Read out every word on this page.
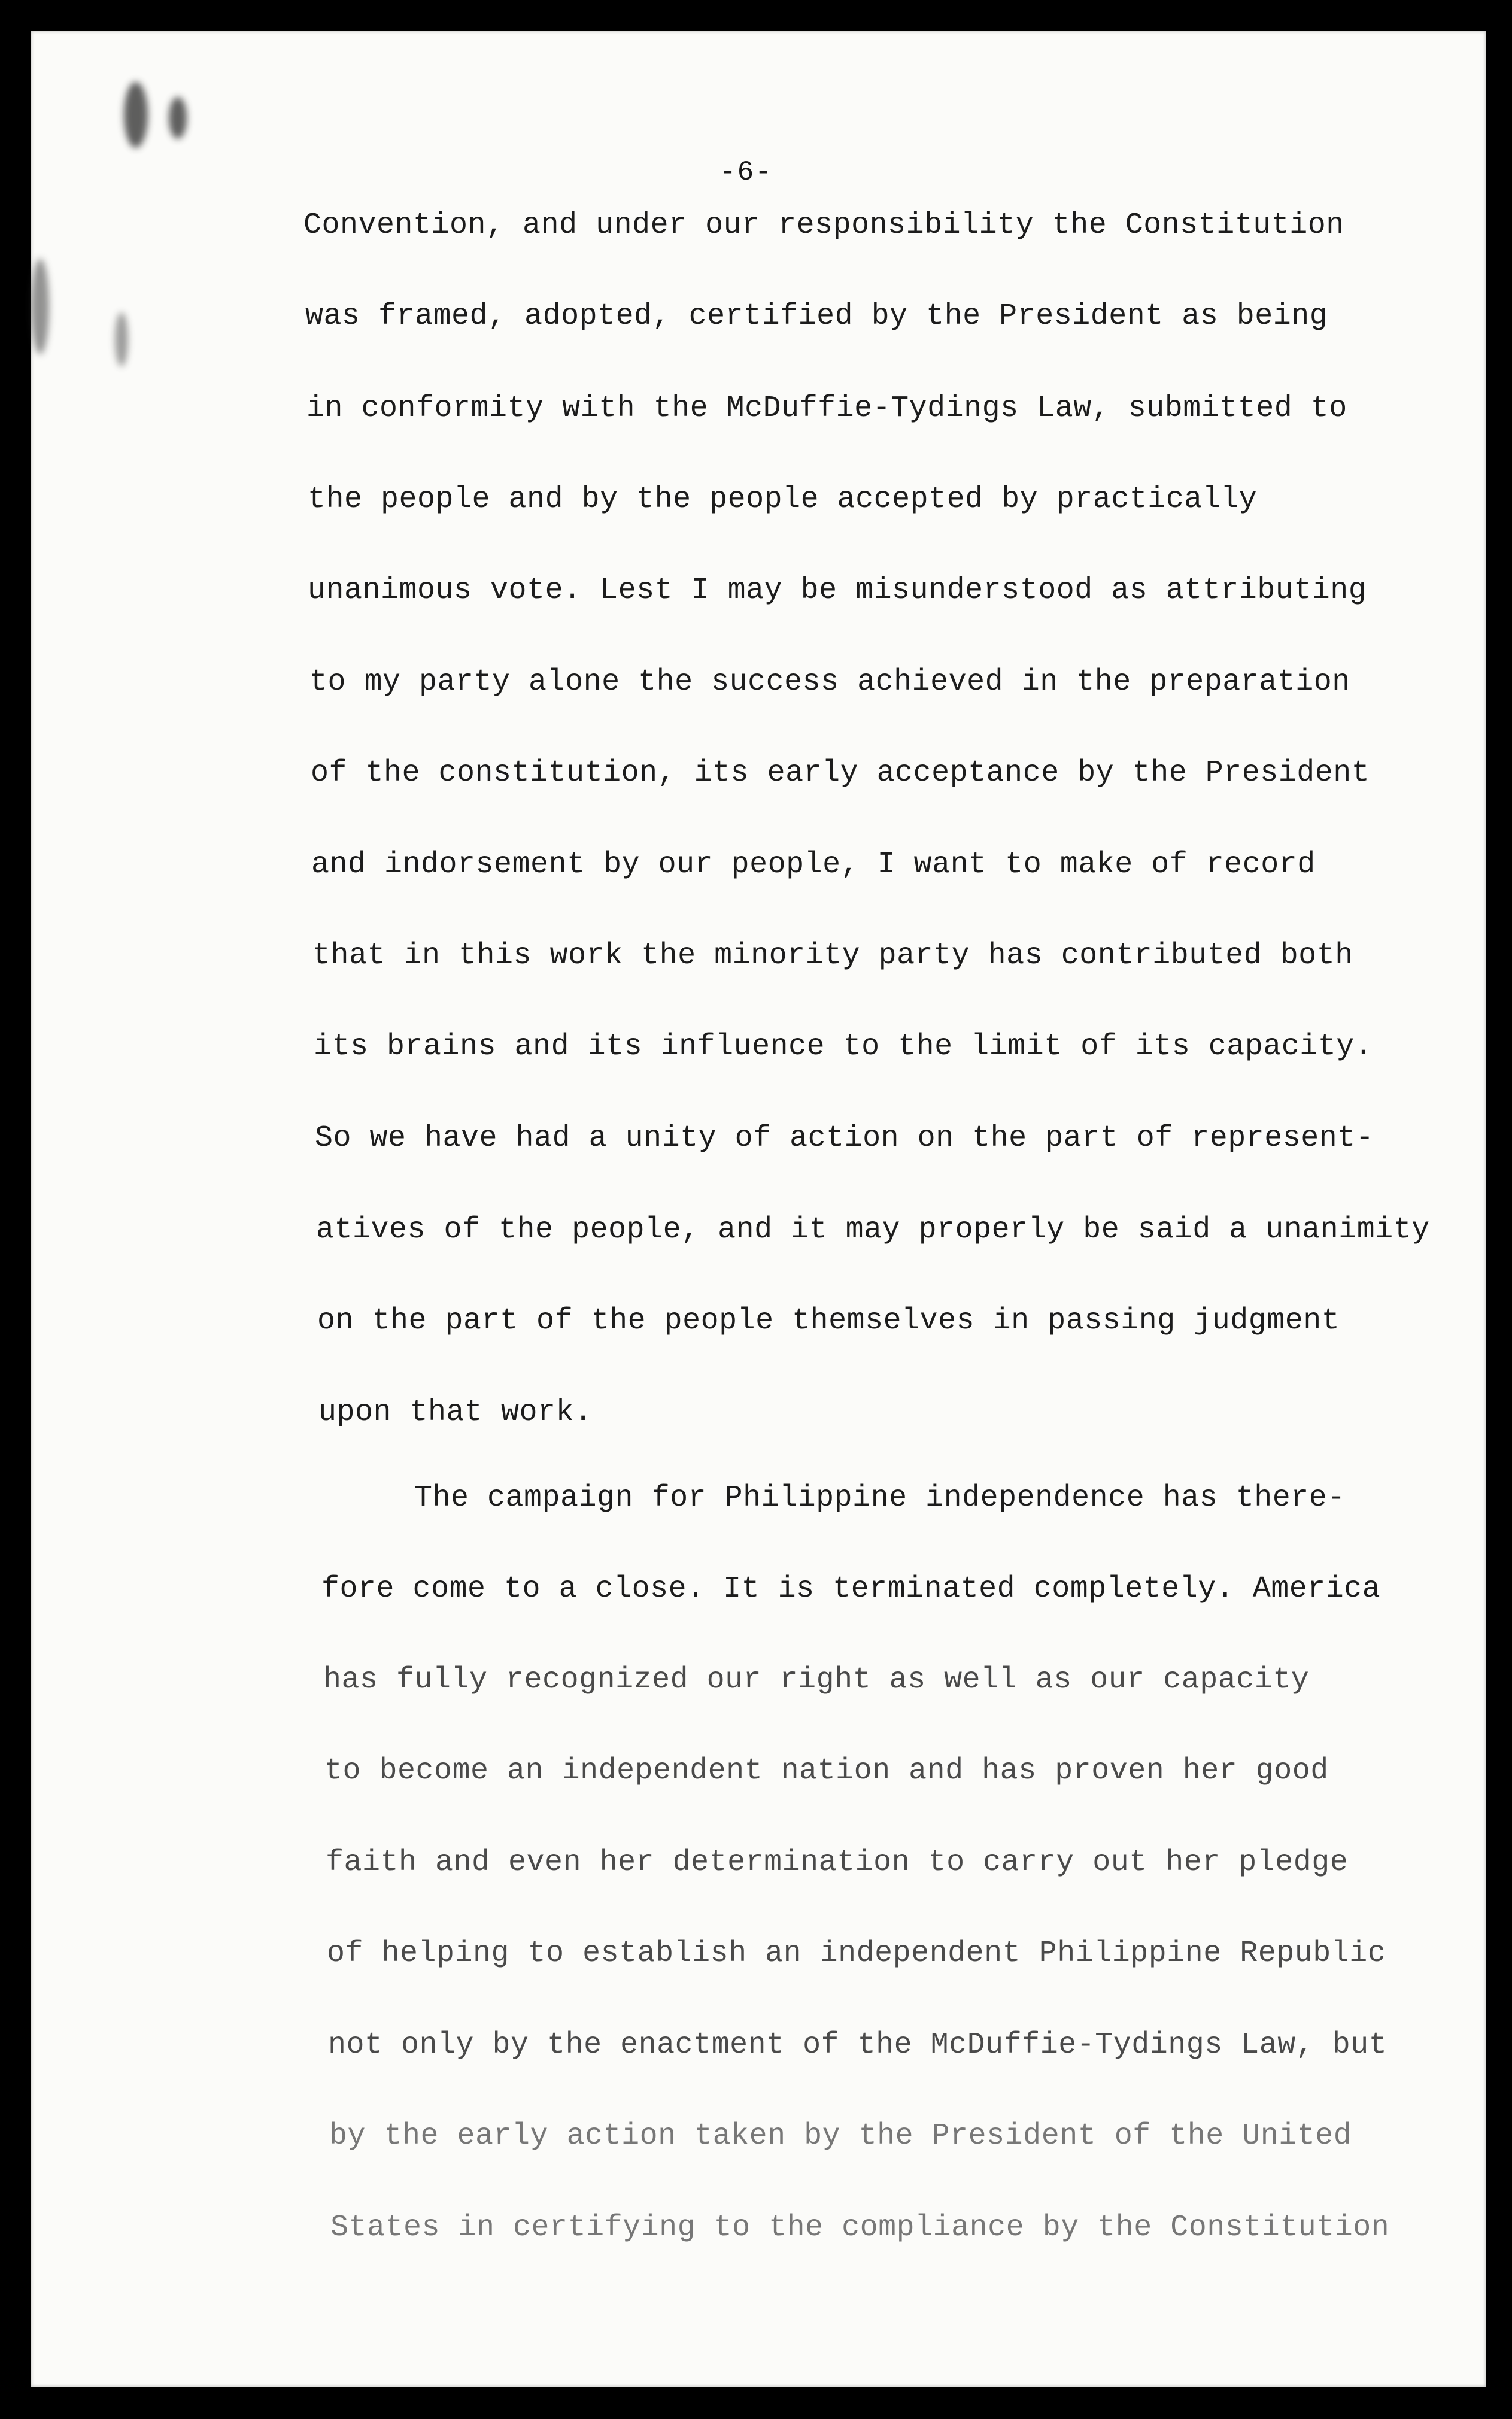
-6-
Convention, and under our responsibility the Constitution
was framed, adopted, certified by the President as being
in conformity with the McDuffie-Tydings Law, submitted to
the people and by the people accepted by practically
unanimous vote. Lest I may be misunderstood as attributing
to my party alone the success achieved in the preparation
of the constitution, its early acceptance by the President
and indorsement by our people, I want to make of record
that in this work the minority party has contributed both
its brains and its influence to the limit of its capacity.
So we have had a unity of action on the part of represent-
atives of the people, and it may properly be said a unanimity
on the part of the people themselves in passing judgment
upon that work.
The campaign for Philippine independence has there-
fore come to a close. It is terminated completely. America
has fully recognized our right as well as our capacity
to become an independent nation and has proven her good
faith and even her determination to carry out her pledge
of helping to establish an independent Philippine Republic
not only by the enactment of the McDuffie-Tydings Law, but
by the early action taken by the President of the United
States in certifying to the compliance by the Constitution
